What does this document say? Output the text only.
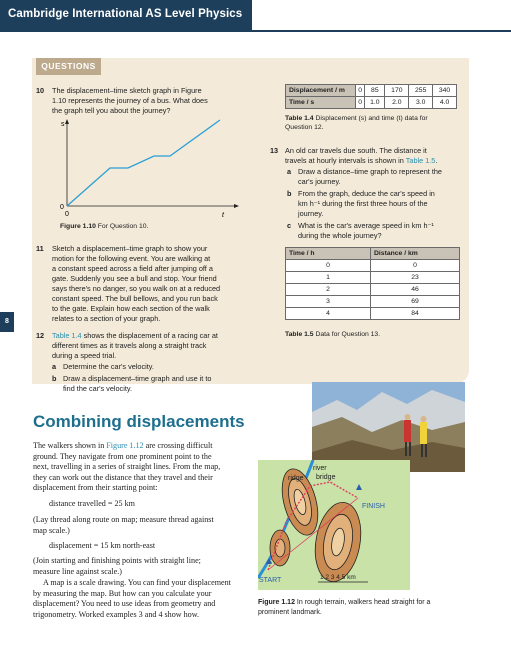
Cambridge International AS Level Physics
QUESTIONS
10 The displacement–time sketch graph in Figure
1.10 represents the journey of a bus. What does
the graph tell you about the journey?
s
0
0	t
Figure 1.10 For Question 10.
11 Sketch a displacement–time graph to show your
motion for the following event. You are walking at
a constant speed across a field after jumping off a
gate. Suddenly you see a bull and stop. Your friend
says there's no danger, so you walk on at a reduced
constant speed. The bull bellows, and you run back
to the gate. Explain how each section of the walk
relates to a section of your graph.
12 Table 1.4 shows the displacement of a racing car at
different times as it travels along a straight track
during a speed trial.
a Determine the car's velocity.
b Draw a displacement–time graph and use it to
find the car's velocity.
Displacement / m	0	85	170	255	340
Time / s	0	1.0	2.0	3.0	4.0
Table 1.4 Displacement (s) and time (t) data for
Question 12.
13 An old car travels due south. The distance it
travels at hourly intervals is shown in Table 1.5.
a Draw a distance–time graph to represent the
car's journey.
b From the graph, deduce the car's speed in
km h⁻¹ during the first three hours of the
journey.
c What is the car's average speed in km h⁻¹
during the whole journey?
Time / h	Distance / km
0	0
1	23
2	46
3	69
4	84
Table 1.5 Data for Question 13.
8
ridge
river
bridge
FINISH
START	1 2 3 4 5 km
Figure 1.12 In rough terrain, walkers head straight for a
prominent landmark.
Combining displacements
The walkers shown in Figure 1.12 are crossing difficult
ground. They navigate from one prominent point to the
next, travelling in a series of straight lines. From the map,
they can work out the distance that they travel and their
displacement from their starting point:
distance travelled = 25 km
(Lay thread along route on map; measure thread against
map scale.)
displacement = 15 km north-east
(Join starting and finishing points with straight line;
measure line against scale.)
A map is a scale drawing. You can find your displacement
by measuring the map. But how can you calculate your
displacement? You need to use ideas from geometry and
trigonometry. Worked examples 3 and 4 show how.
